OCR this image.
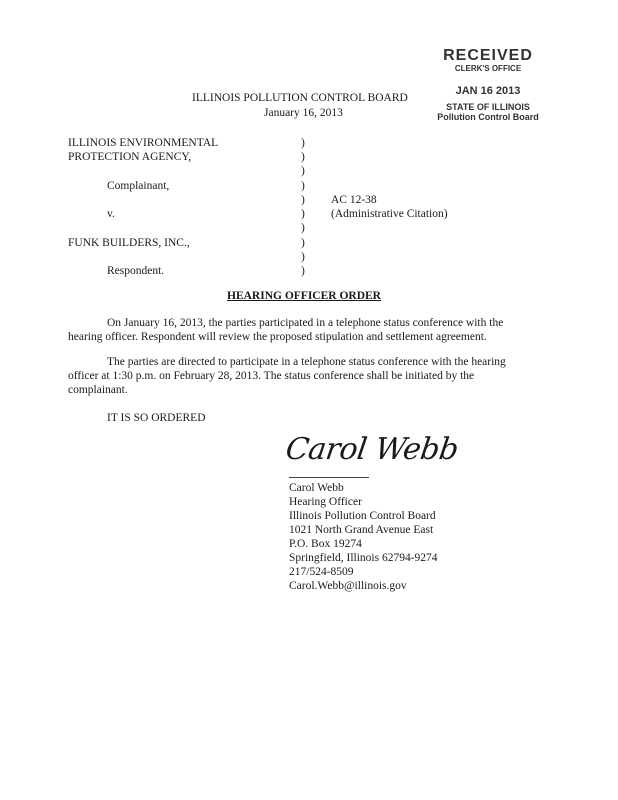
RECEIVED
CLERK'S OFFICE
JAN 16 2013
STATE OF ILLINOIS
Pollution Control Board
ILLINOIS POLLUTION CONTROL BOARD
January 16, 2013
ILLINOIS ENVIRONMENTAL
PROTECTION AGENCY,
Complainant,
v.
FUNK BUILDERS, INC.,
Respondent.
)
)
)
)
)
)
)
)
)
)
AC 12-38
(Administrative Citation)
HEARING OFFICER ORDER
On January 16, 2013, the parties participated in a telephone status conference with the
hearing officer. Respondent will review the proposed stipulation and settlement agreement.
The parties are directed to participate in a telephone status conference with the hearing
officer at 1:30 p.m. on February 28, 2013. The status conference shall be initiated by the
complainant.
IT IS SO ORDERED
Carol Webb
Carol Webb
Hearing Officer
Illinois Pollution Control Board
1021 North Grand Avenue East
P.O. Box 19274
Springfield, Illinois 62794-9274
217/524-8509
Carol.Webb@illinois.gov
